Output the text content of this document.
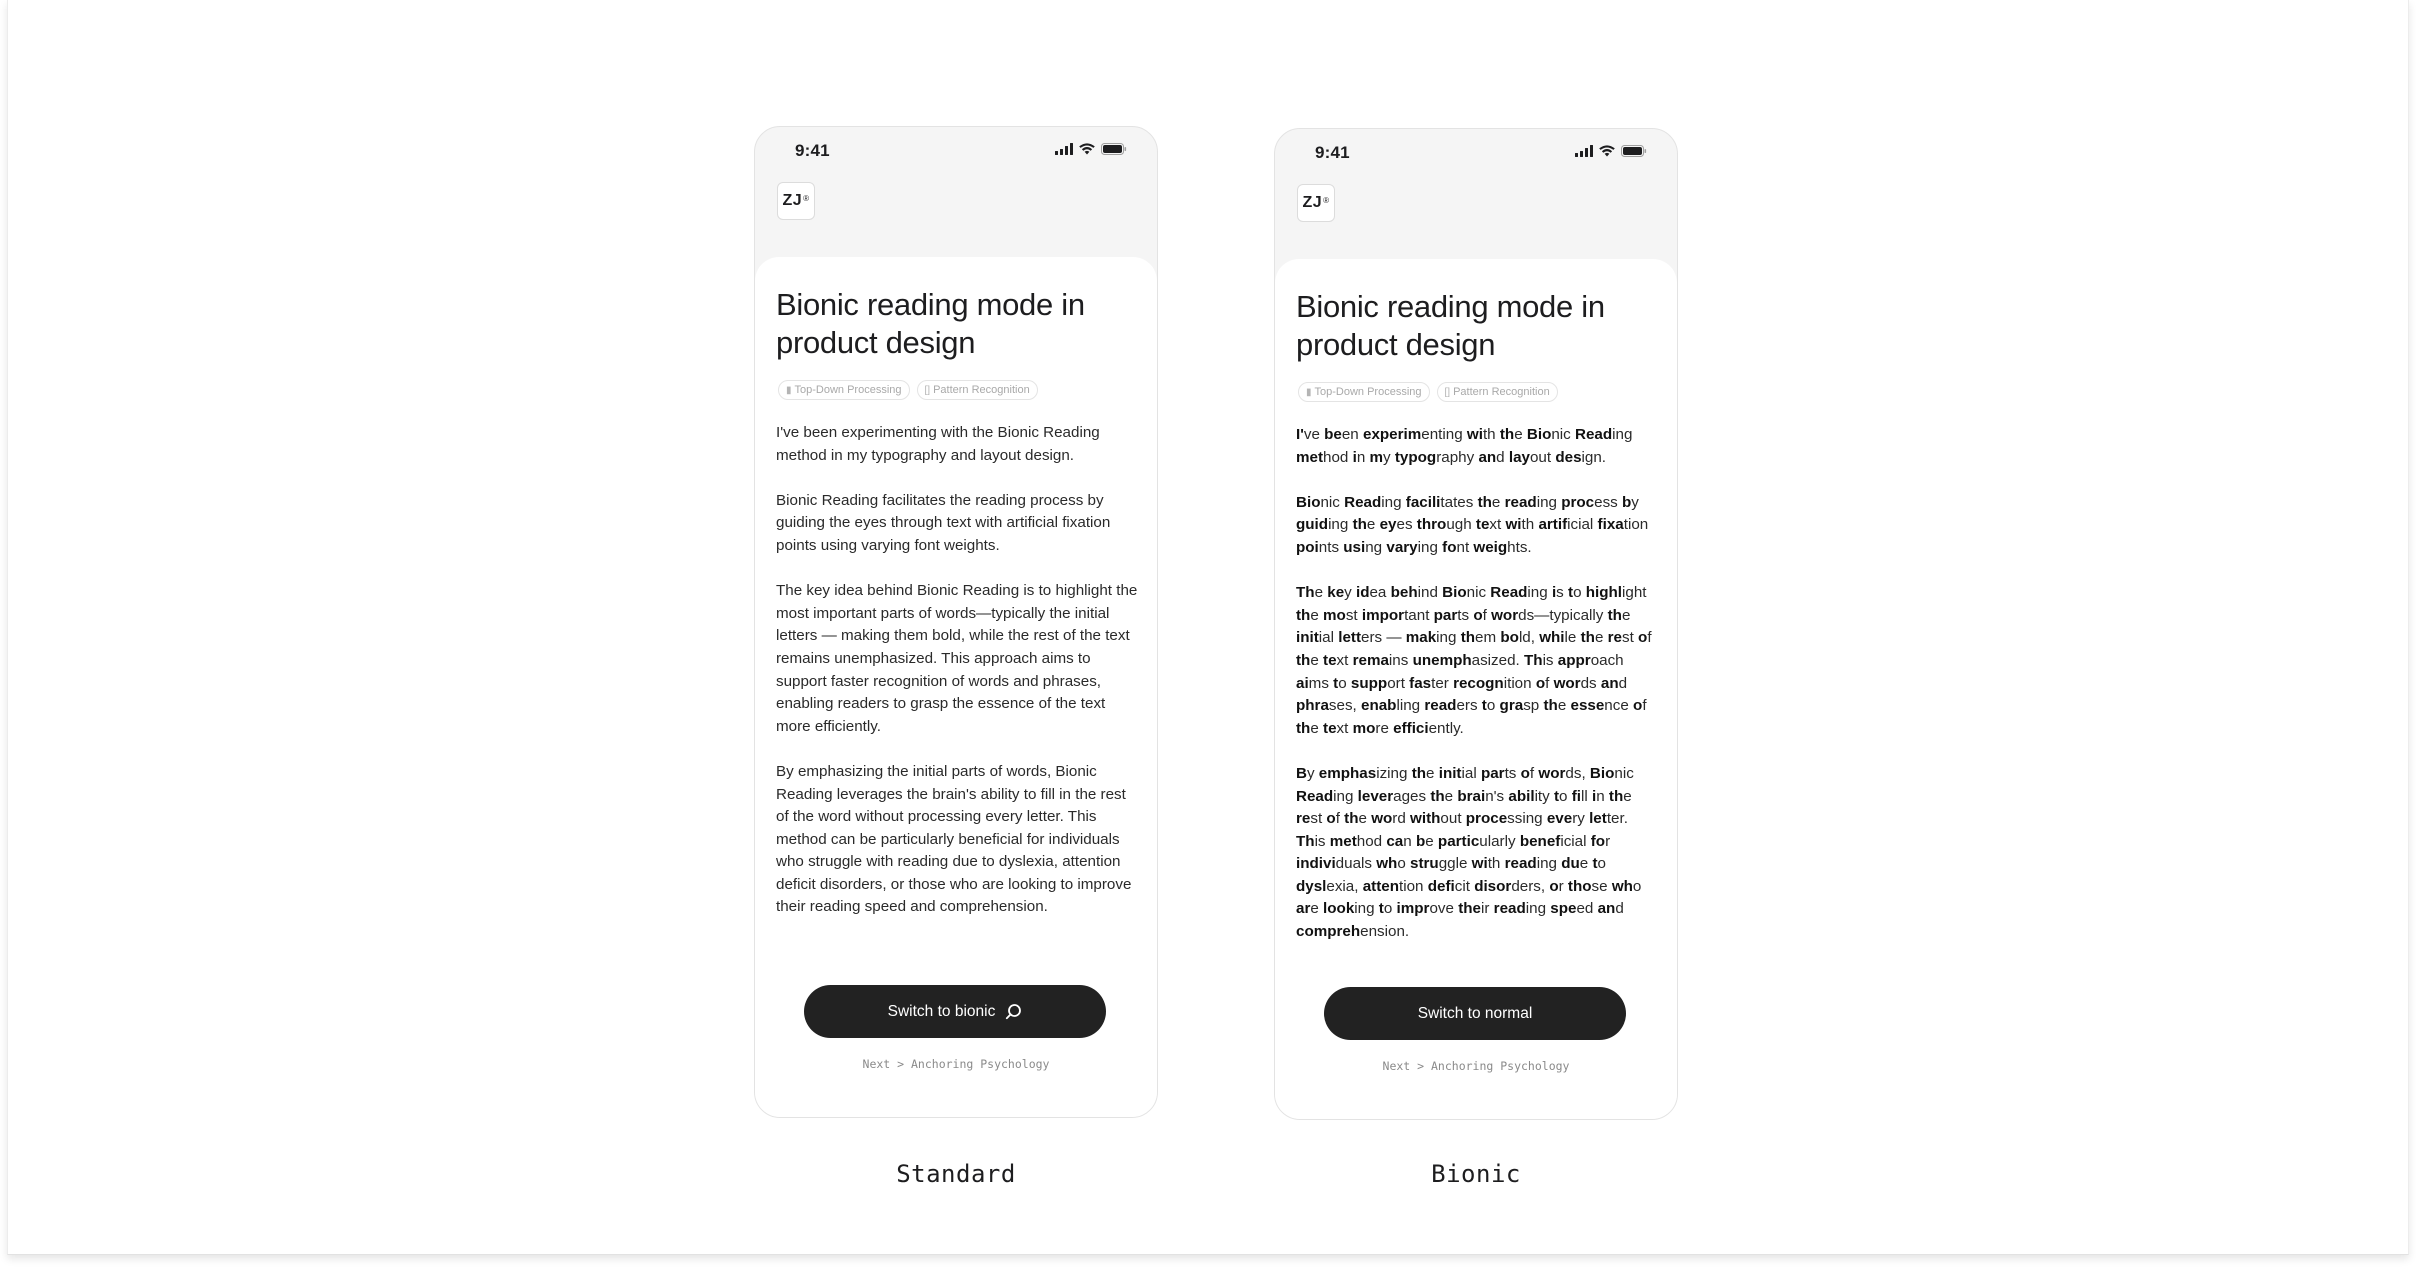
9:41
ZJ®
Bionic reading mode in product design
▮ Top-Down Processing [] Pattern Recognition

I've been experimenting with the Bionic Reading method in my typography and layout design.

Bionic Reading facilitates the reading process by guiding the eyes through text with artificial fixation points using varying font weights.

The key idea behind Bionic Reading is to highlight the most important parts of words—typically the initial letters — making them bold, while the rest of the text remains unemphasized. This approach aims to support faster recognition of words and phrases, enabling readers to grasp the essence of the text more efficiently.

By emphasizing the initial parts of words, Bionic Reading leverages the brain's ability to fill in the rest of the word without processing every letter. This method can be particularly beneficial for individuals who struggle with reading due to dyslexia, attention deficit disorders, or those who are looking to improve their reading speed and comprehension.

Switch to bionic
Next > Anchoring Psychology
9:41
ZJ®
Bionic reading mode in product design
▮ Top-Down Processing [] Pattern Recognition

I've been experimenting with the Bionic Reading method in my typography and layout design.

Bionic Reading facilitates the reading process by guiding the eyes through text with artificial fixation points using varying font weights.

The key idea behind Bionic Reading is to highlight the most important parts of words—typically the initial letters — making them bold, while the rest of the text remains unemphasized. This approach aims to support faster recognition of words and phrases, enabling readers to grasp the essence of the text more efficiently.

By emphasizing the initial parts of words, Bionic Reading leverages the brain's ability to fill in the rest of the word without processing every letter. This method can be particularly beneficial for individuals who struggle with reading due to dyslexia, attention deficit disorders, or those who are looking to improve their reading speed and comprehension.

Switch to normal
Next > Anchoring Psychology
Standard	Bionic
